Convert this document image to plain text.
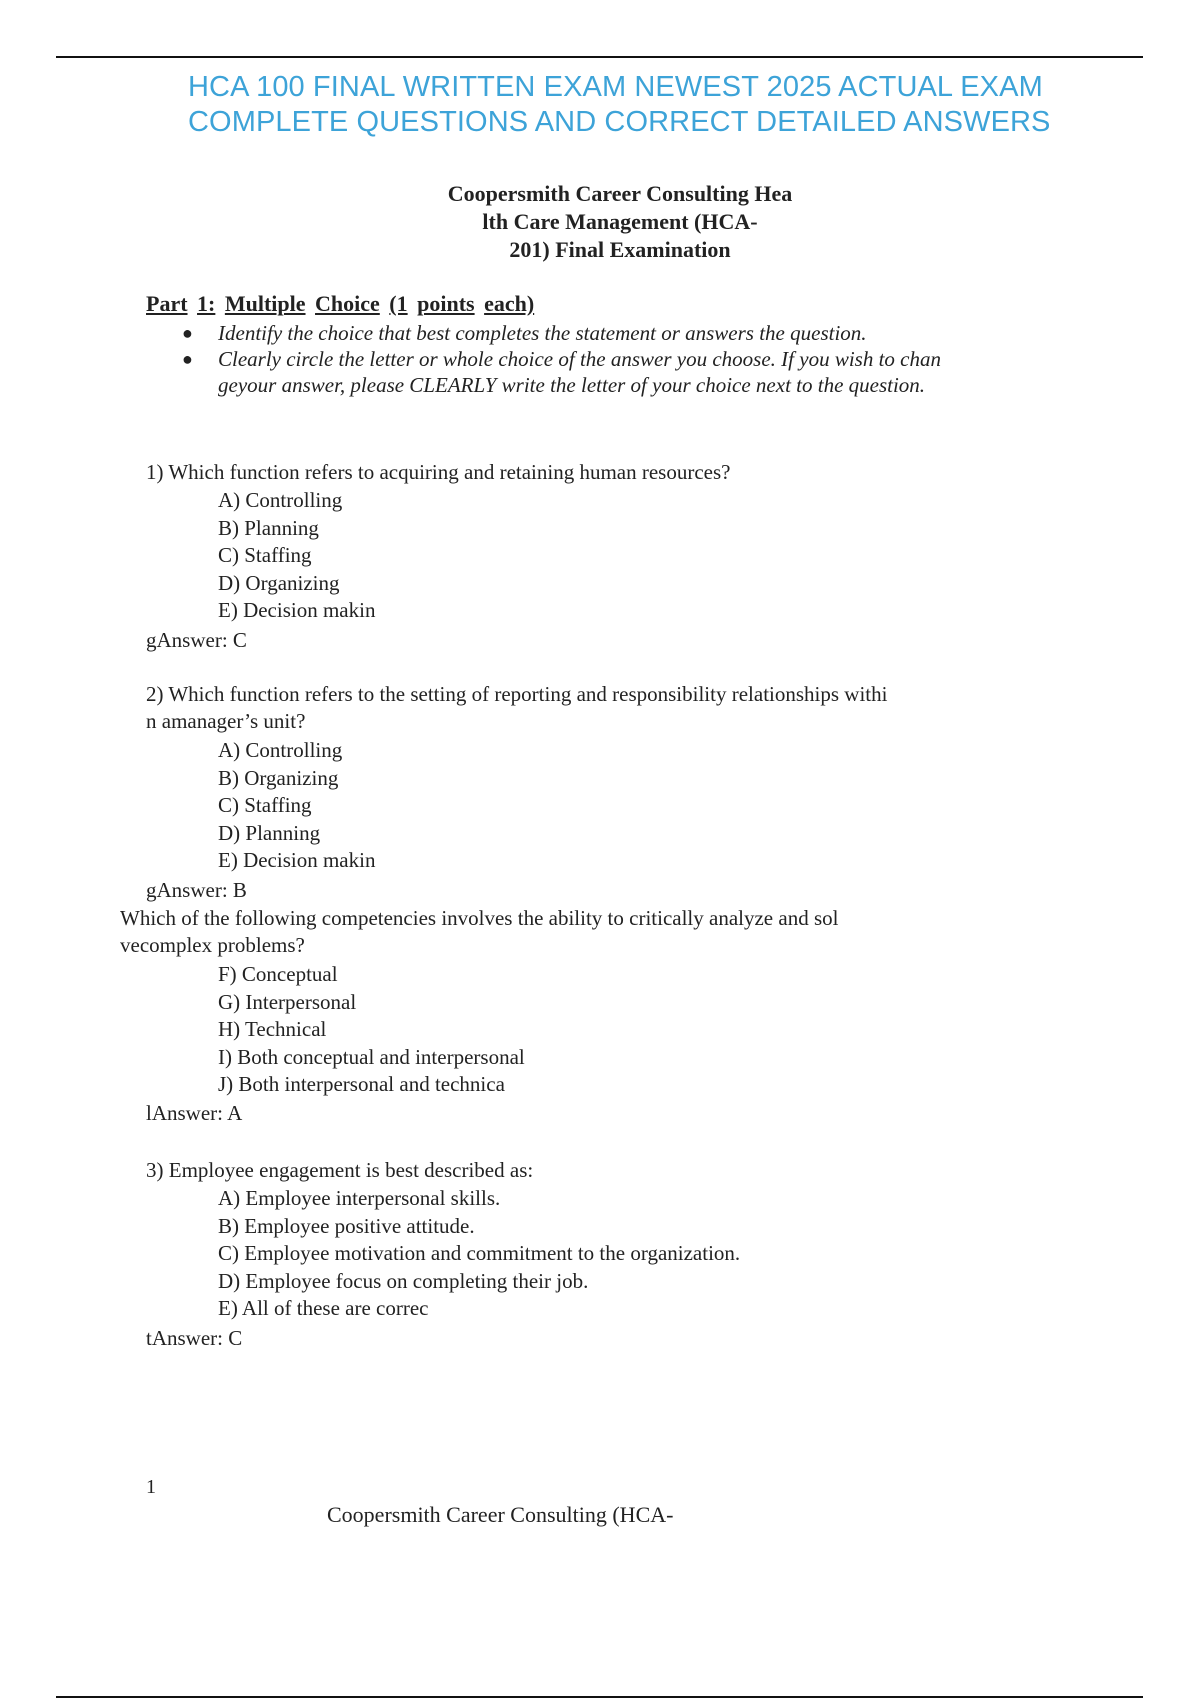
HCA 100 FINAL WRITTEN EXAM NEWEST 2025 ACTUAL EXAM
COMPLETE QUESTIONS AND CORRECT DETAILED ANSWERS
Coopersmith Career Consulting Hea
lth Care Management (HCA-
201) Final Examination
Part 1: Multiple Choice (1 points each)
● Identify the choice that best completes the statement or answers the question.
● Clearly circle the letter or whole choice of the answer you choose. If you wish to chan
geyour answer, please CLEARLY write the letter of your choice next to the question.
1) Which function refers to acquiring and retaining human resources?
A) Controlling
B) Planning
C) Staffing
D) Organizing
E) Decision makin
gAnswer: C
2) Which function refers to the setting of reporting and responsibility relationships withi
n amanager’s unit?
A) Controlling
B) Organizing
C) Staffing
D) Planning
E) Decision makin
gAnswer: B
Which of the following competencies involves the ability to critically analyze and sol
vecomplex problems?
F) Conceptual
G) Interpersonal
H) Technical
I) Both conceptual and interpersonal
J) Both interpersonal and technica
lAnswer: A
3) Employee engagement is best described as:
A) Employee interpersonal skills.
B) Employee positive attitude.
C) Employee motivation and commitment to the organization.
D) Employee focus on completing their job.
E) All of these are correc
tAnswer: C
1
Coopersmith Career Consulting (HCA-
